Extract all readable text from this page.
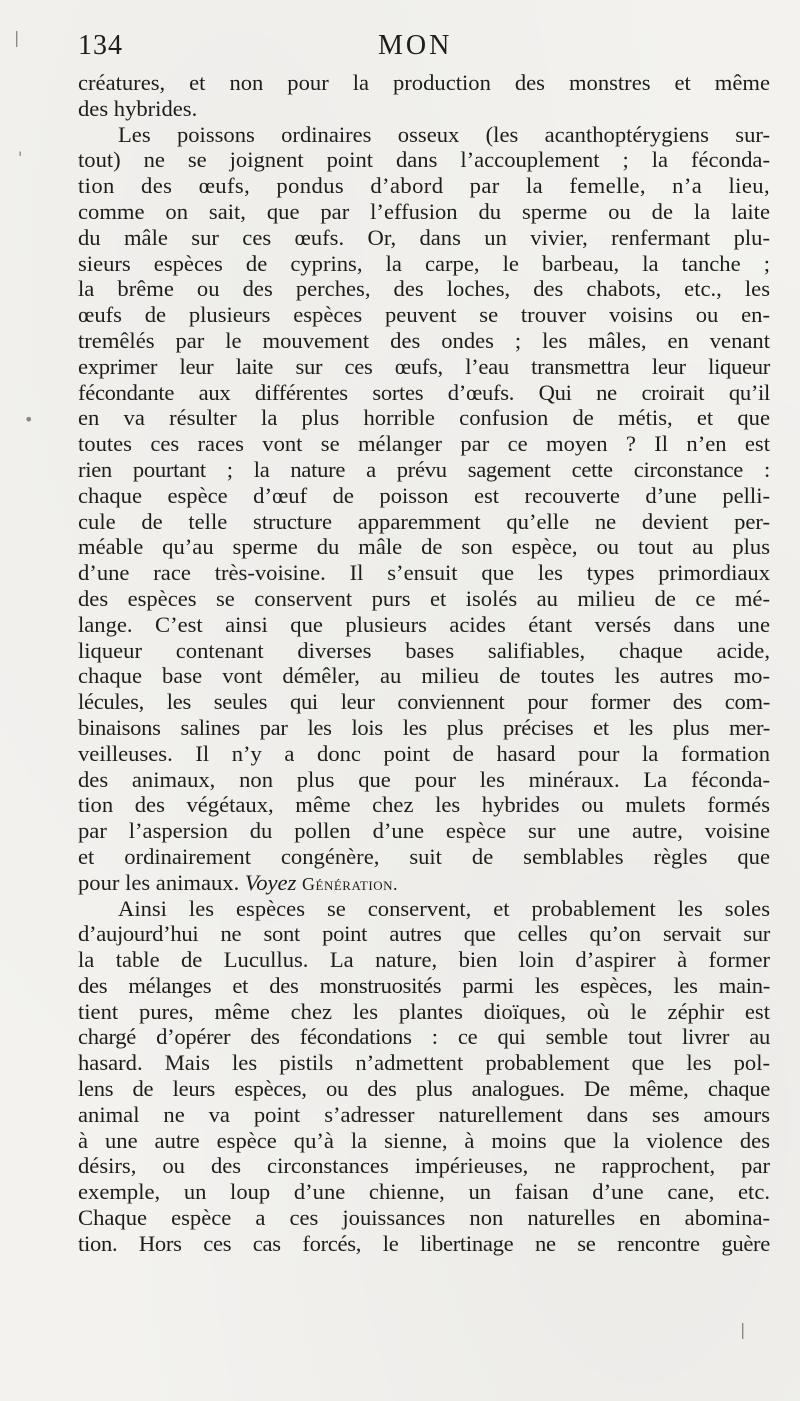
134	MON
créatures, et non pour la production des monstres et même
des hybrides.
Les poissons ordinaires osseux (les acanthoptérygiens sur-
tout) ne se joignent point dans l’accouplement ; la féconda-
tion des œufs, pondus d’abord par la femelle, n’a lieu,
comme on sait, que par l’effusion du sperme ou de la laite
du mâle sur ces œufs. Or, dans un vivier, renfermant plu-
sieurs espèces de cyprins, la carpe, le barbeau, la tanche ;
la brême ou des perches, des loches, des chabots, etc., les
œufs de plusieurs espèces peuvent se trouver voisins ou en-
tremêlés par le mouvement des ondes ; les mâles, en venant
exprimer leur laite sur ces œufs, l’eau transmettra leur liqueur
fécondante aux différentes sortes d’œufs. Qui ne croirait qu’il
en va résulter la plus horrible confusion de métis, et que
toutes ces races vont se mélanger par ce moyen ? Il n’en est
rien pourtant ; la nature a prévu sagement cette circonstance :
chaque espèce d’œuf de poisson est recouverte d’une pelli-
cule de telle structure apparemment qu’elle ne devient per-
méable qu’au sperme du mâle de son espèce, ou tout au plus
d’une race très-voisine. Il s’ensuit que les types primordiaux
des espèces se conservent purs et isolés au milieu de ce mé-
lange. C’est ainsi que plusieurs acides étant versés dans une
liqueur contenant diverses bases salifiables, chaque acide,
chaque base vont démêler, au milieu de toutes les autres mo-
lécules, les seules qui leur conviennent pour former des com-
binaisons salines par les lois les plus précises et les plus mer-
veilleuses. Il n’y a donc point de hasard pour la formation
des animaux, non plus que pour les minéraux. La féconda-
tion des végétaux, même chez les hybrides ou mulets formés
par l’aspersion du pollen d’une espèce sur une autre, voisine
et ordinairement congénère, suit de semblables règles que
pour les animaux. Voyez Génération.
Ainsi les espèces se conservent, et probablement les soles
d’aujourd’hui ne sont point autres que celles qu’on servait sur
la table de Lucullus. La nature, bien loin d’aspirer à former
des mélanges et des monstruosités parmi les espèces, les main-
tient pures, même chez les plantes dioïques, où le zéphir est
chargé d’opérer des fécondations : ce qui semble tout livrer au
hasard. Mais les pistils n’admettent probablement que les pol-
lens de leurs espèces, ou des plus analogues. De même, chaque
animal ne va point s’adresser naturellement dans ses amours
à une autre espèce qu’à la sienne, à moins que la violence des
désirs, ou des circonstances impérieuses, ne rapprochent, par
exemple, un loup d’une chienne, un faisan d’une cane, etc.
Chaque espèce a ces jouissances non naturelles en abomina-
tion. Hors ces cas forcés, le libertinage ne se rencontre guère
|
'
•
|
